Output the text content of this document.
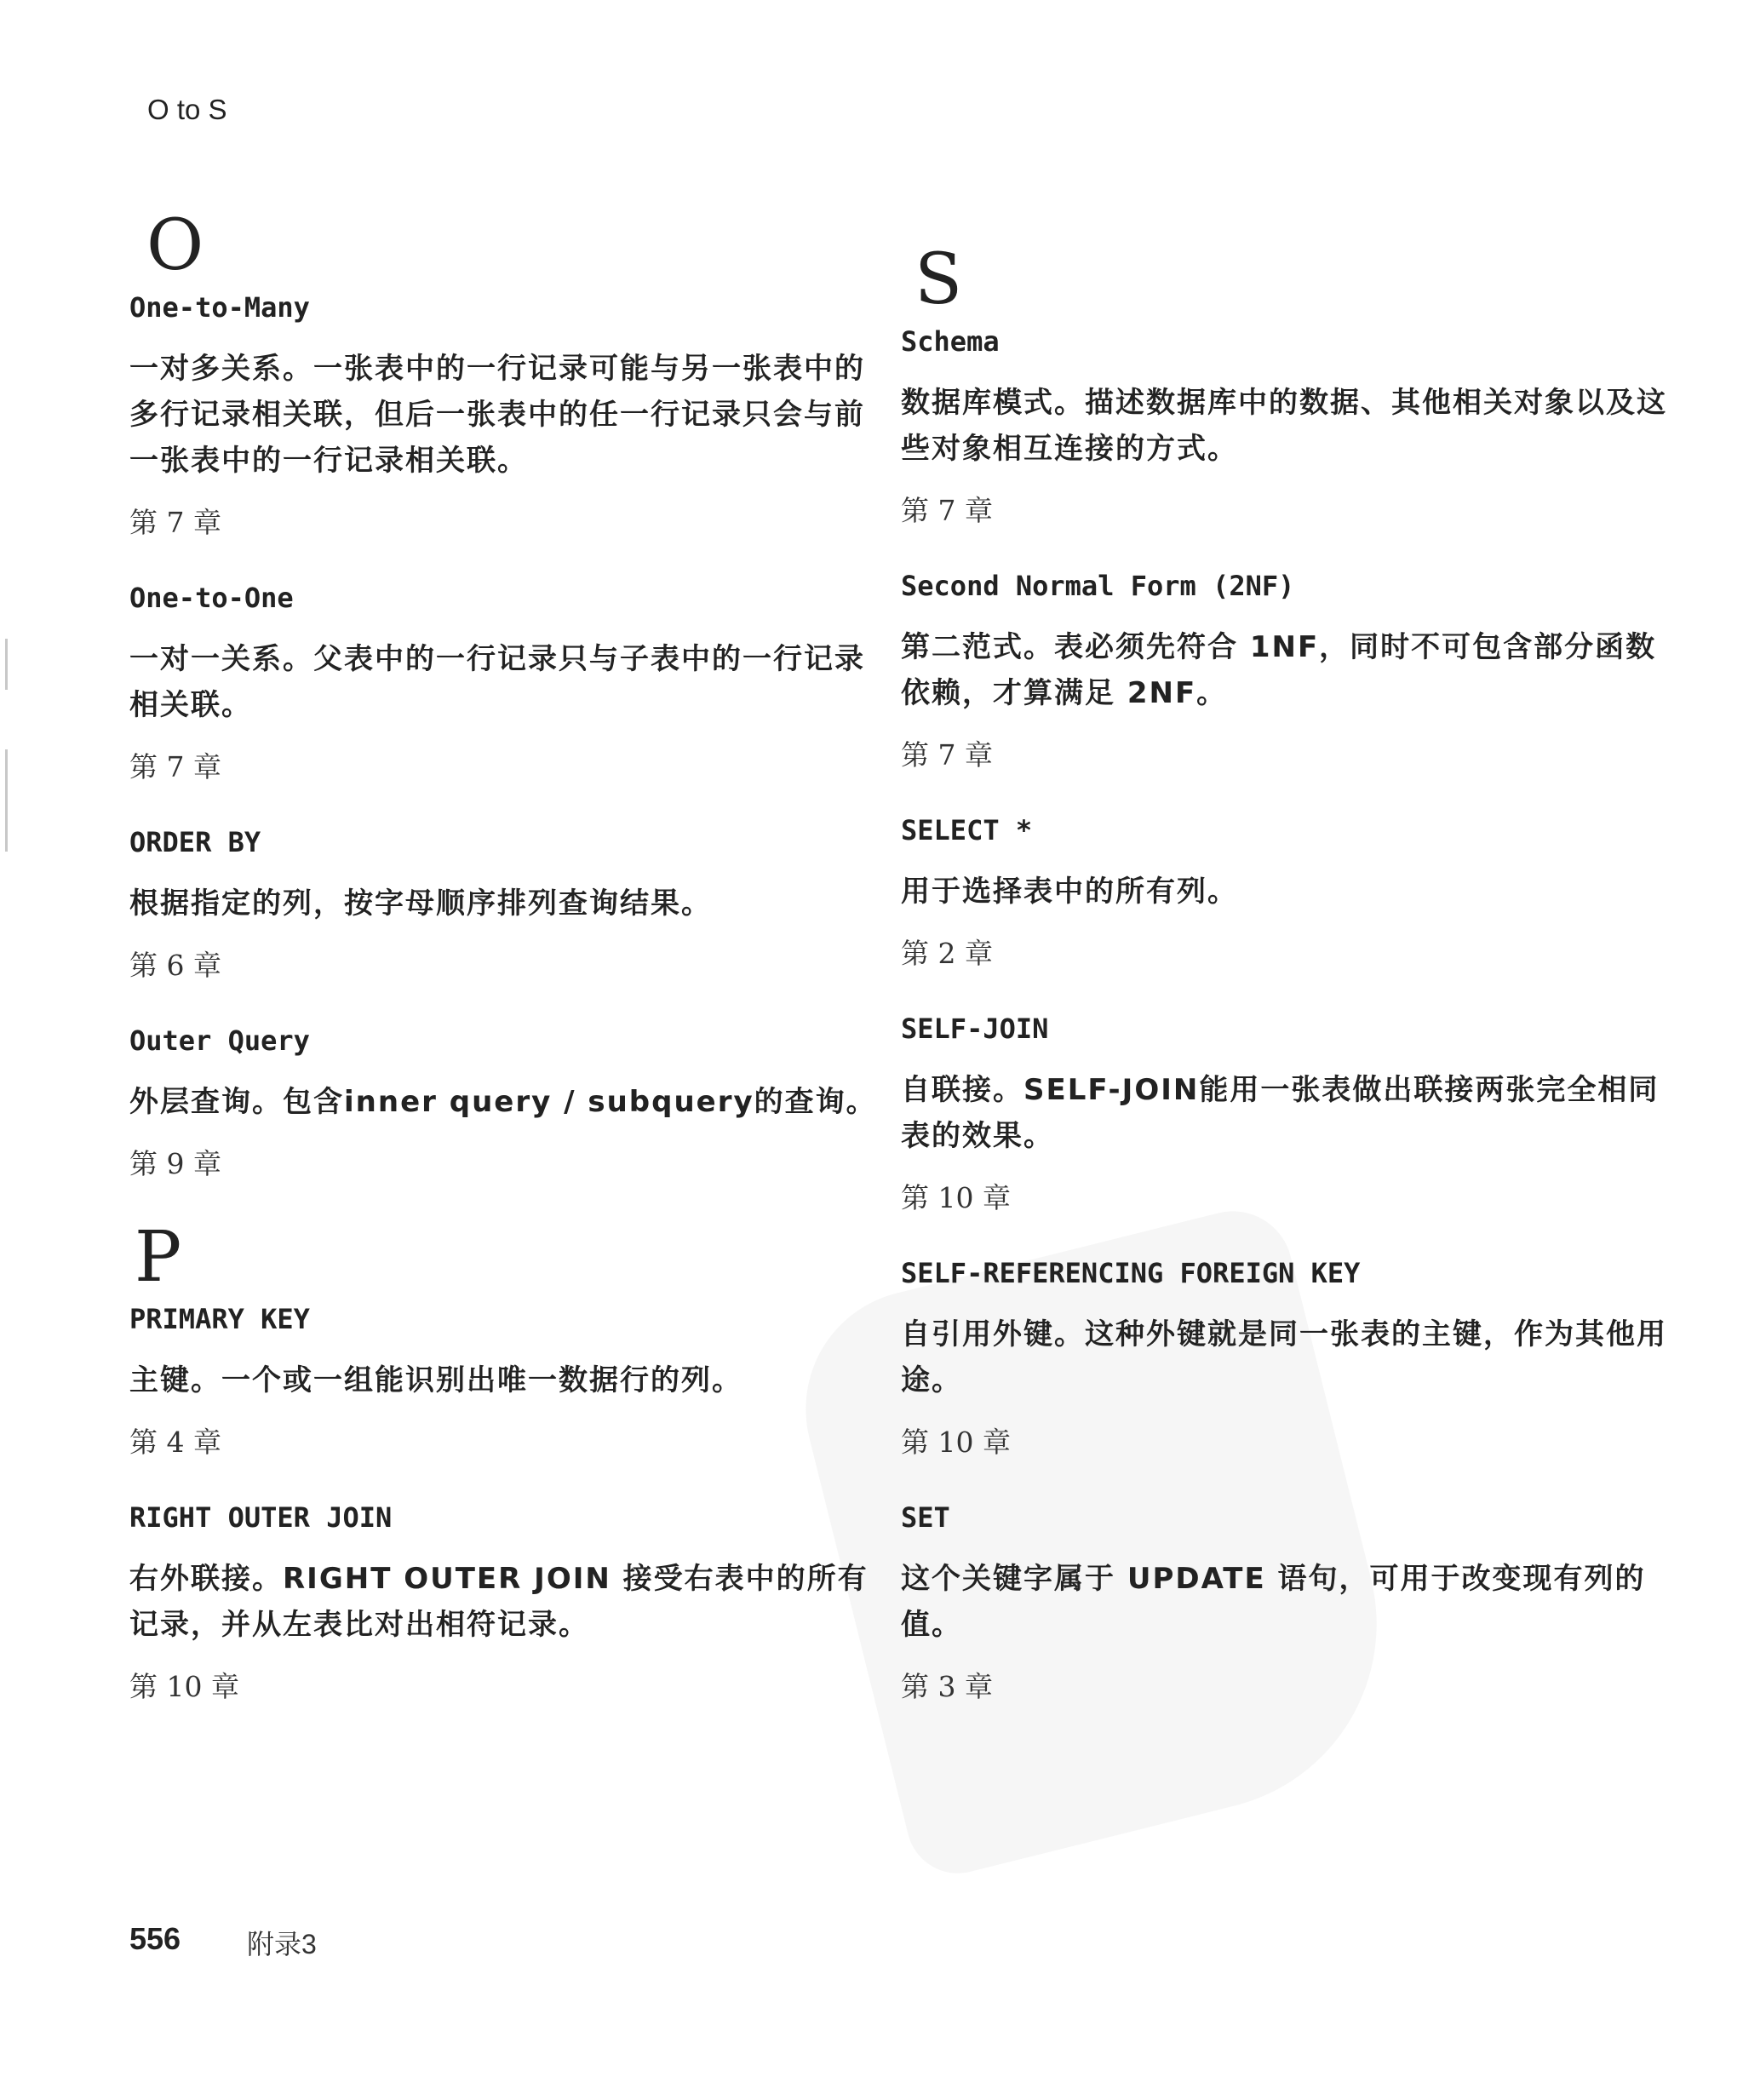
O to S
O
One-to-Many
一对多关系。一张表中的一行记录可能与另一张表中的多行记录相关联，但后一张表中的任一行记录只会与前一张表中的一行记录相关联。
第 7 章
One-to-One
一对一关系。父表中的一行记录只与子表中的一行记录相关联。
第 7 章
ORDER BY
根据指定的列，按字母顺序排列查询结果。
第 6 章
Outer Query
外层查询。包含inner query / subquery的查询。
第 9 章
P
PRIMARY KEY
主键。一个或一组能识别出唯一数据行的列。
第 4 章
RIGHT OUTER JOIN
右外联接。RIGHT OUTER JOIN 接受右表中的所有记录，并从左表比对出相符记录。
第 10 章
S
Schema
数据库模式。描述数据库中的数据、其他相关对象以及这些对象相互连接的方式。
第 7 章
Second Normal Form (2NF)
第二范式。表必须先符合 1NF，同时不可包含部分函数依赖，才算满足 2NF。
第 7 章
SELECT *
用于选择表中的所有列。
第 2 章
SELF-JOIN
自联接。SELF-JOIN能用一张表做出联接两张完全相同表的效果。
第 10 章
SELF-REFERENCING FOREIGN KEY
自引用外键。这种外键就是同一张表的主键，作为其他用途。
第 10 章
SET
这个关键字属于 UPDATE 语句，可用于改变现有列的值。
第 3 章
556 附录3
